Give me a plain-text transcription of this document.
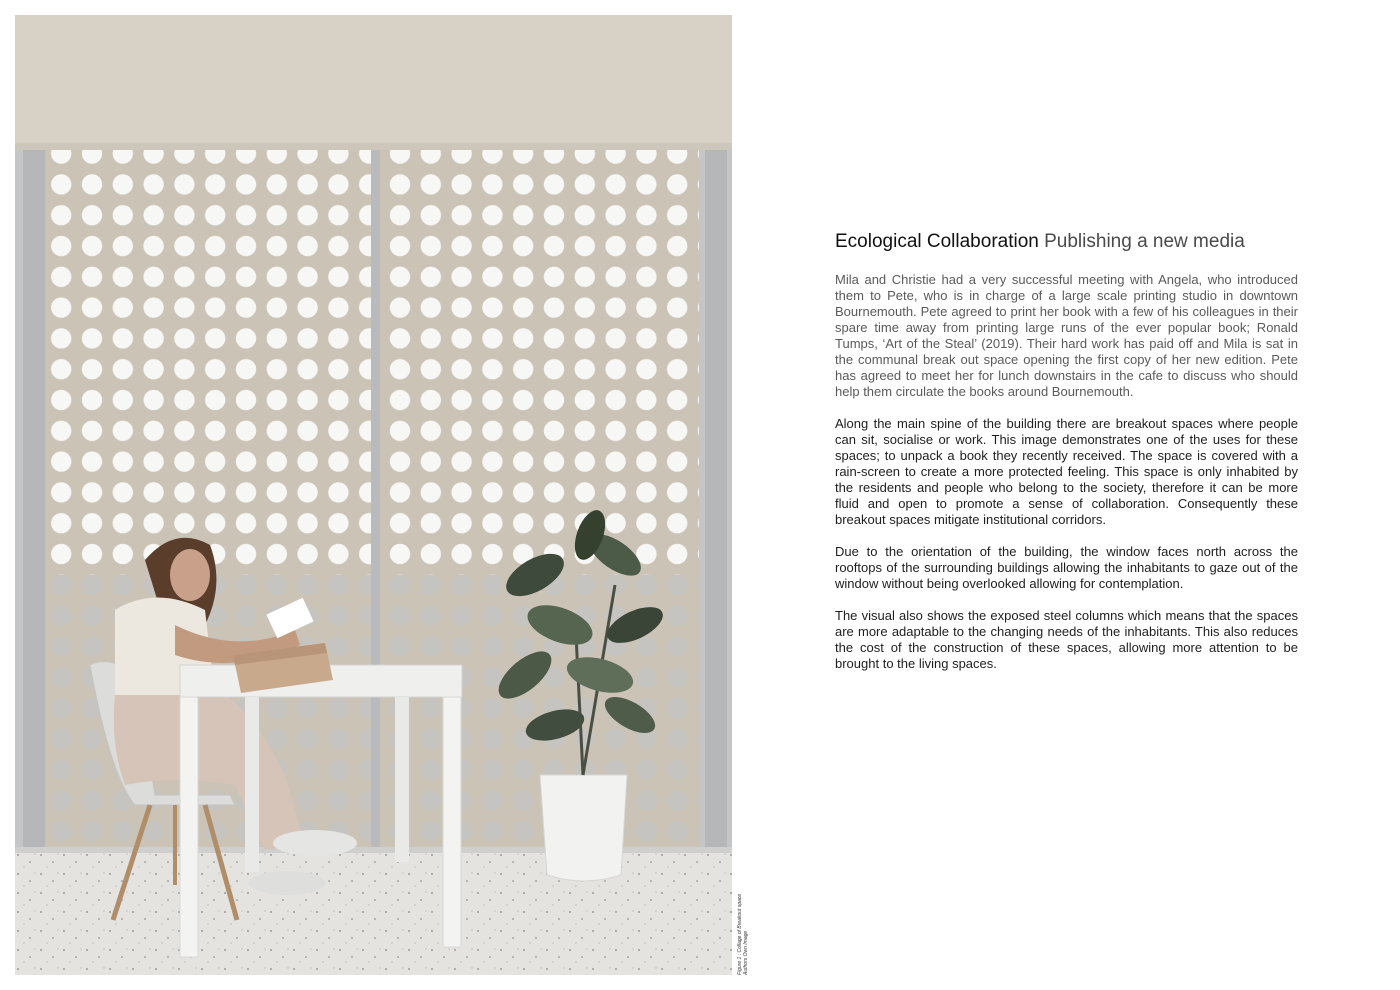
Figure 1 : Collage of Breakout space Authors Own Image
Ecological Collaboration Publishing a new media

Mila and Christie had a very successful meeting with Angela, who introduced them to Pete, who is in charge of a large scale printing studio in downtown Bournemouth. Pete agreed to print her book with a few of his colleagues in their spare time away from printing large runs of the ever popular book; Ronald Tumps, ‘Art of the Steal’ (2019). Their hard work has paid off and Mila is sat in the communal break out space opening the first copy of her new edition. Pete has agreed to meet her for lunch downstairs in the cafe to discuss who should help them circulate the books around Bournemouth.

Along the main spine of the building there are breakout spaces where people can sit, socialise or work. This image demonstrates one of the uses for these spaces; to unpack a book they recently received. The space is covered with a rain-screen to create a more protected feeling. This space is only inhabited by the residents and people who belong to the society, therefore it can be more fluid and open to promote a sense of collaboration. Consequently these breakout spaces mitigate institutional corridors.

Due to the orientation of the building, the window faces north across the rooftops of the surrounding buildings allowing the inhabitants to gaze out of the window without being overlooked allowing for contemplation.

The visual also shows the exposed steel columns which means that the spaces are more adaptable to the changing needs of the inhabitants. This also reduces the cost of the construction of these spaces, allowing more attention to be brought to the living spaces.
